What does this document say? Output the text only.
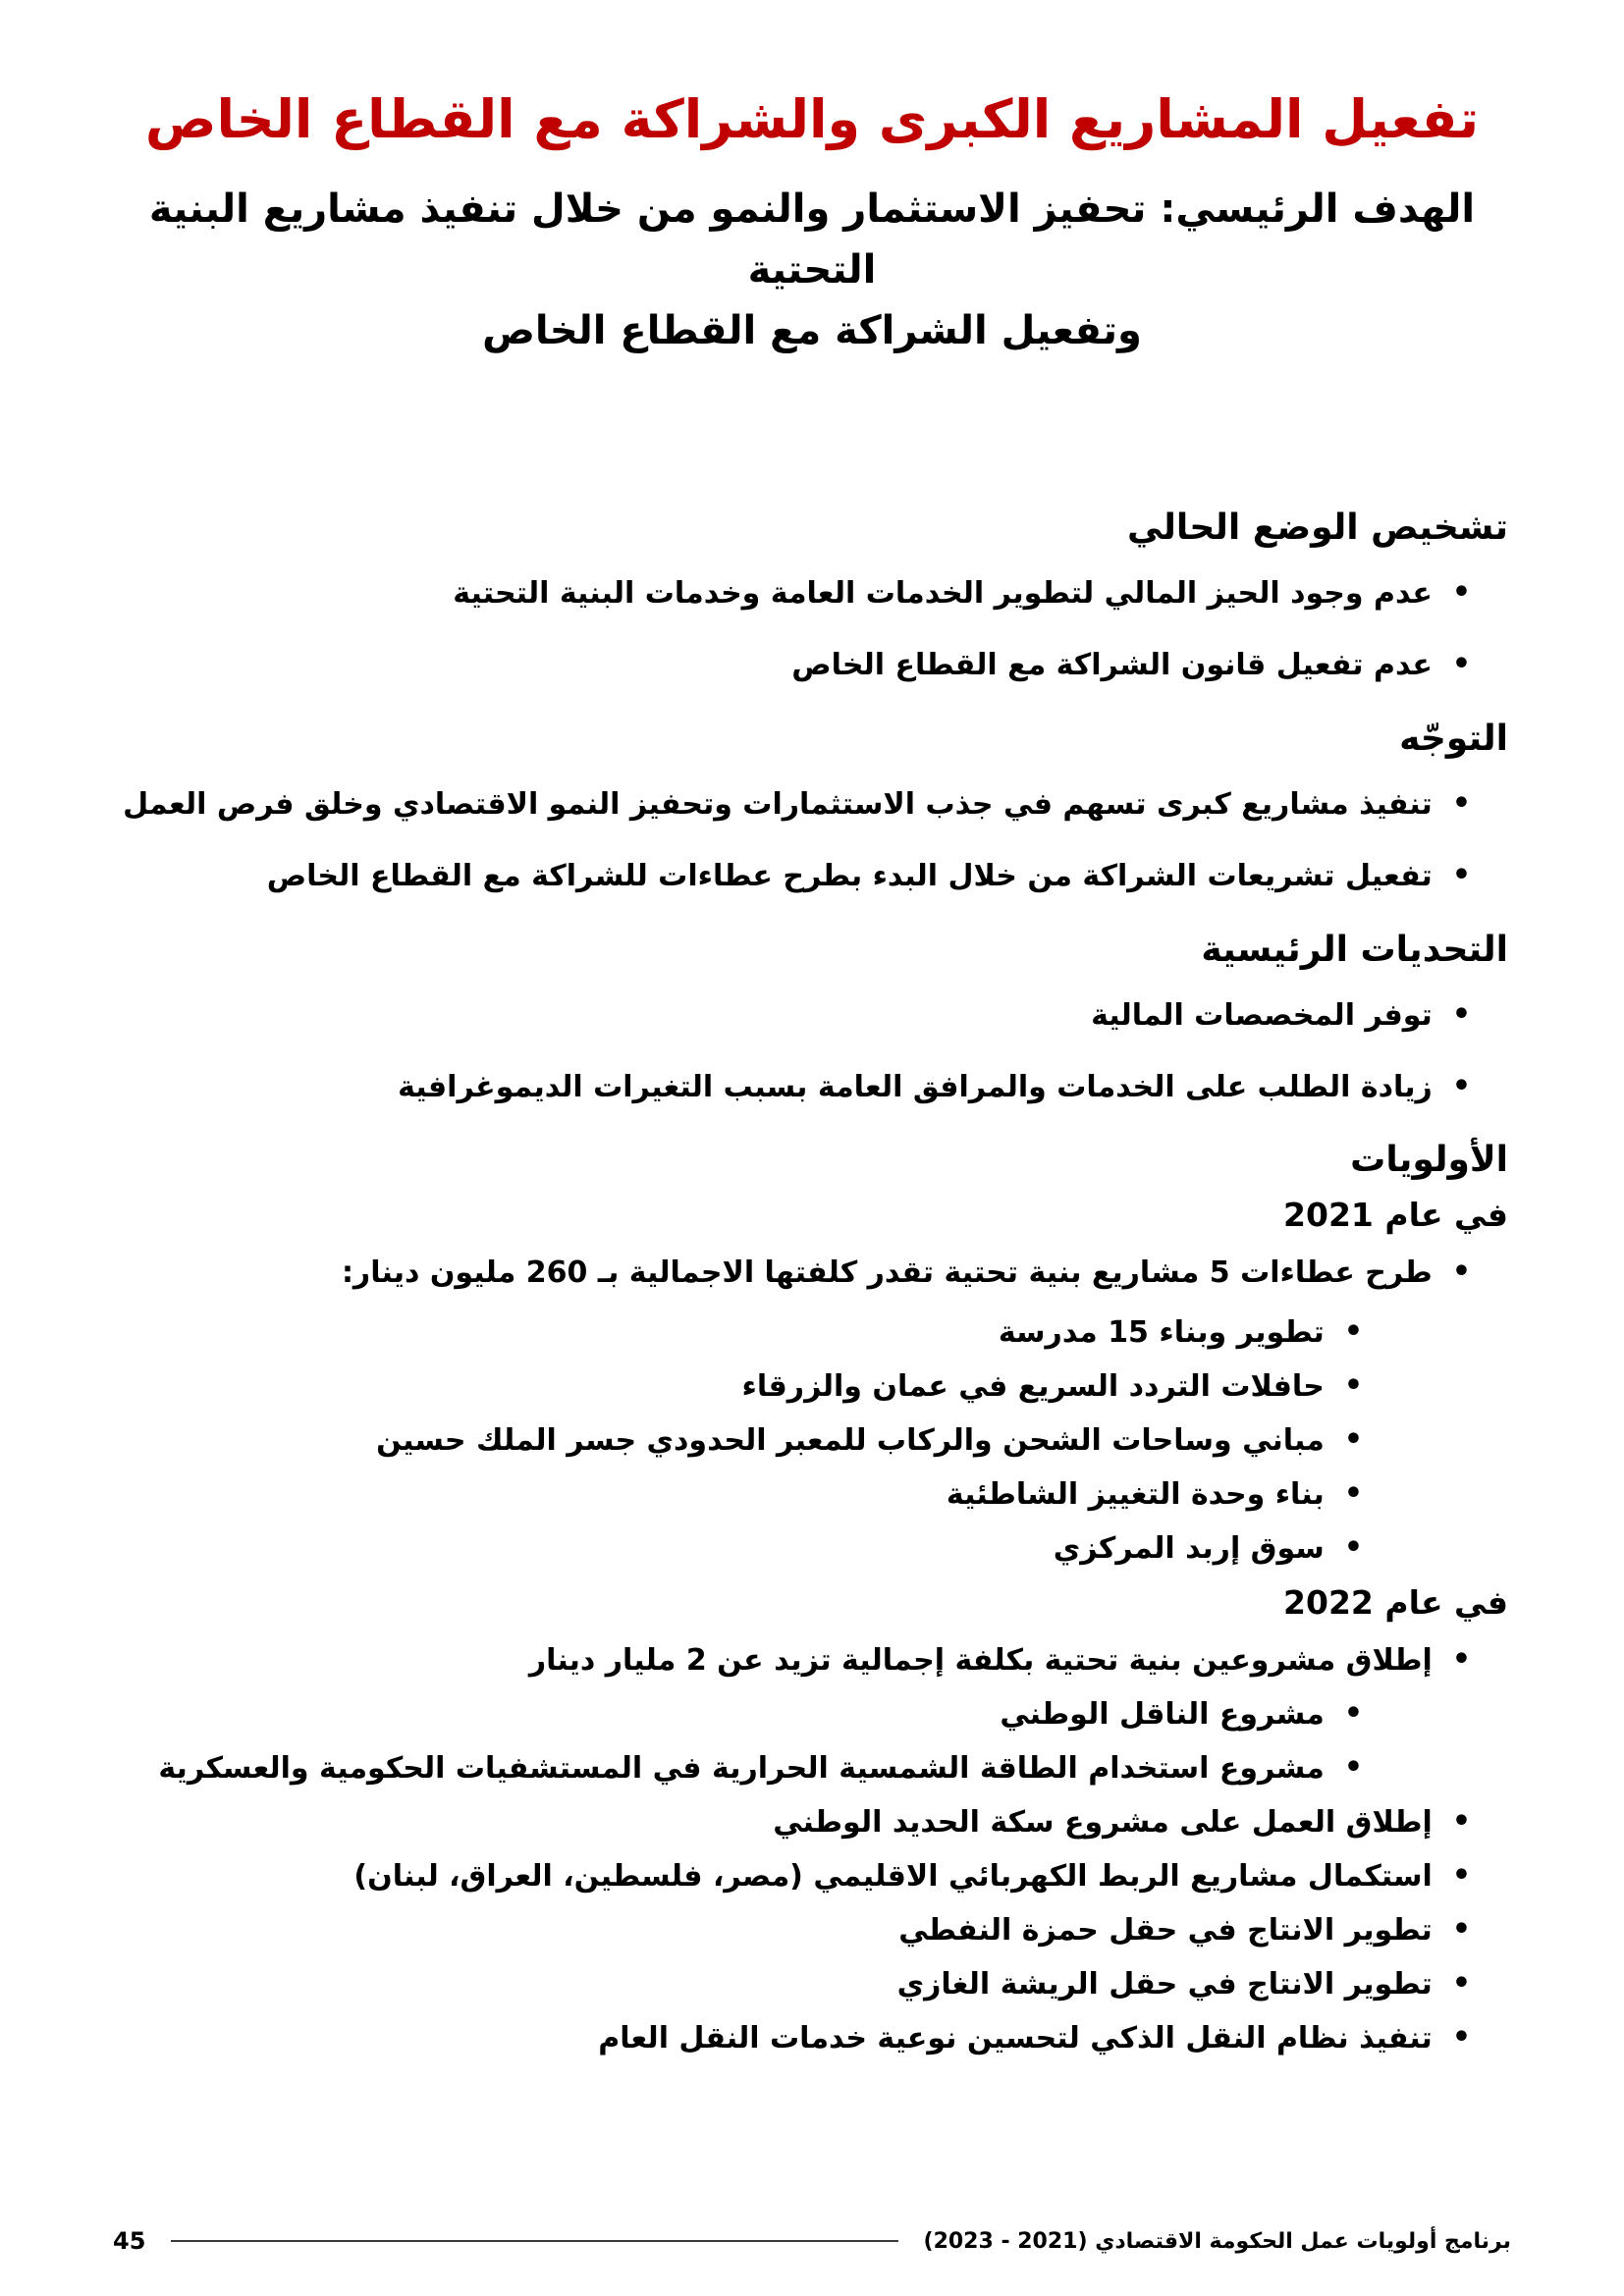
تفعيل المشاريع الكبرى والشراكة مع القطاع الخاص
الهدف الرئيسي: تحفيز الاستثمار والنمو من خلال تنفيذ مشاريع البنية التحتية
وتفعيل الشراكة مع القطاع الخاص
تشخيص الوضع الحالي
•
عدم وجود الحيز المالي لتطوير الخدمات العامة وخدمات البنية التحتية
•
عدم تفعيل قانون الشراكة مع القطاع الخاص
التوجّه
•
تنفيذ مشاريع كبرى تسهم في جذب الاستثمارات وتحفيز النمو الاقتصادي وخلق فرص العمل
•
تفعيل تشريعات الشراكة من خلال البدء بطرح عطاءات للشراكة مع القطاع الخاص
التحديات الرئيسية
•
توفر المخصصات المالية
•
زيادة الطلب على الخدمات والمرافق العامة بسبب التغيرات الديموغرافية
الأولويات
في عام 2021
•
طرح عطاءات 5 مشاريع بنية تحتية تقدر كلفتها الاجمالية بـ 260 مليون دينار:
•
تطوير وبناء 15 مدرسة
•
حافلات التردد السريع في عمان والزرقاء
•
مباني وساحات الشحن والركاب للمعبر الحدودي جسر الملك حسين
•
بناء وحدة التغييز الشاطئية
•
سوق إربد المركزي
في عام 2022
•
إطلاق مشروعين بنية تحتية بكلفة إجمالية تزيد عن 2 مليار دينار
•
مشروع الناقل الوطني
•
مشروع استخدام الطاقة الشمسية الحرارية في المستشفيات الحكومية والعسكرية
•
إطلاق العمل على مشروع سكة الحديد الوطني
•
استكمال مشاريع الربط الكهربائي الاقليمي (مصر، فلسطين، العراق، لبنان)
•
تطوير الانتاج في حقل حمزة النفطي
•
تطوير الانتاج في حقل الريشة الغازي
•
تنفيذ نظام النقل الذكي لتحسين نوعية خدمات النقل العام
برنامج أولويات عمل الحكومة الاقتصادي (2021 - 2023)
45
